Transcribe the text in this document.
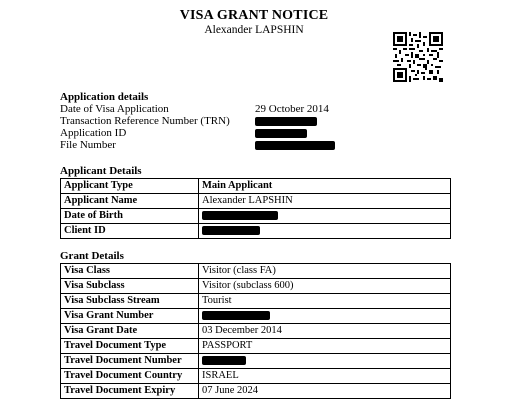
VISA GRANT NOTICE
Alexander LAPSHIN
Application details
Date of Visa Application	29 October 2014
Transaction Reference Number (TRN)
Application ID
File Number
Applicant Details
Applicant Type	Main Applicant
Applicant Name	Alexander LAPSHIN
Date of Birth	
Client ID	
Grant Details
Visa Class	Visitor (class FA)
Visa Subclass	Visitor (subclass 600)
Visa Subclass Stream	Tourist
Visa Grant Number	
Visa Grant Date	03 December 2014
Travel Document Type	PASSPORT
Travel Document Number	
Travel Document Country	ISRAEL
Travel Document Expiry	07 June 2024
